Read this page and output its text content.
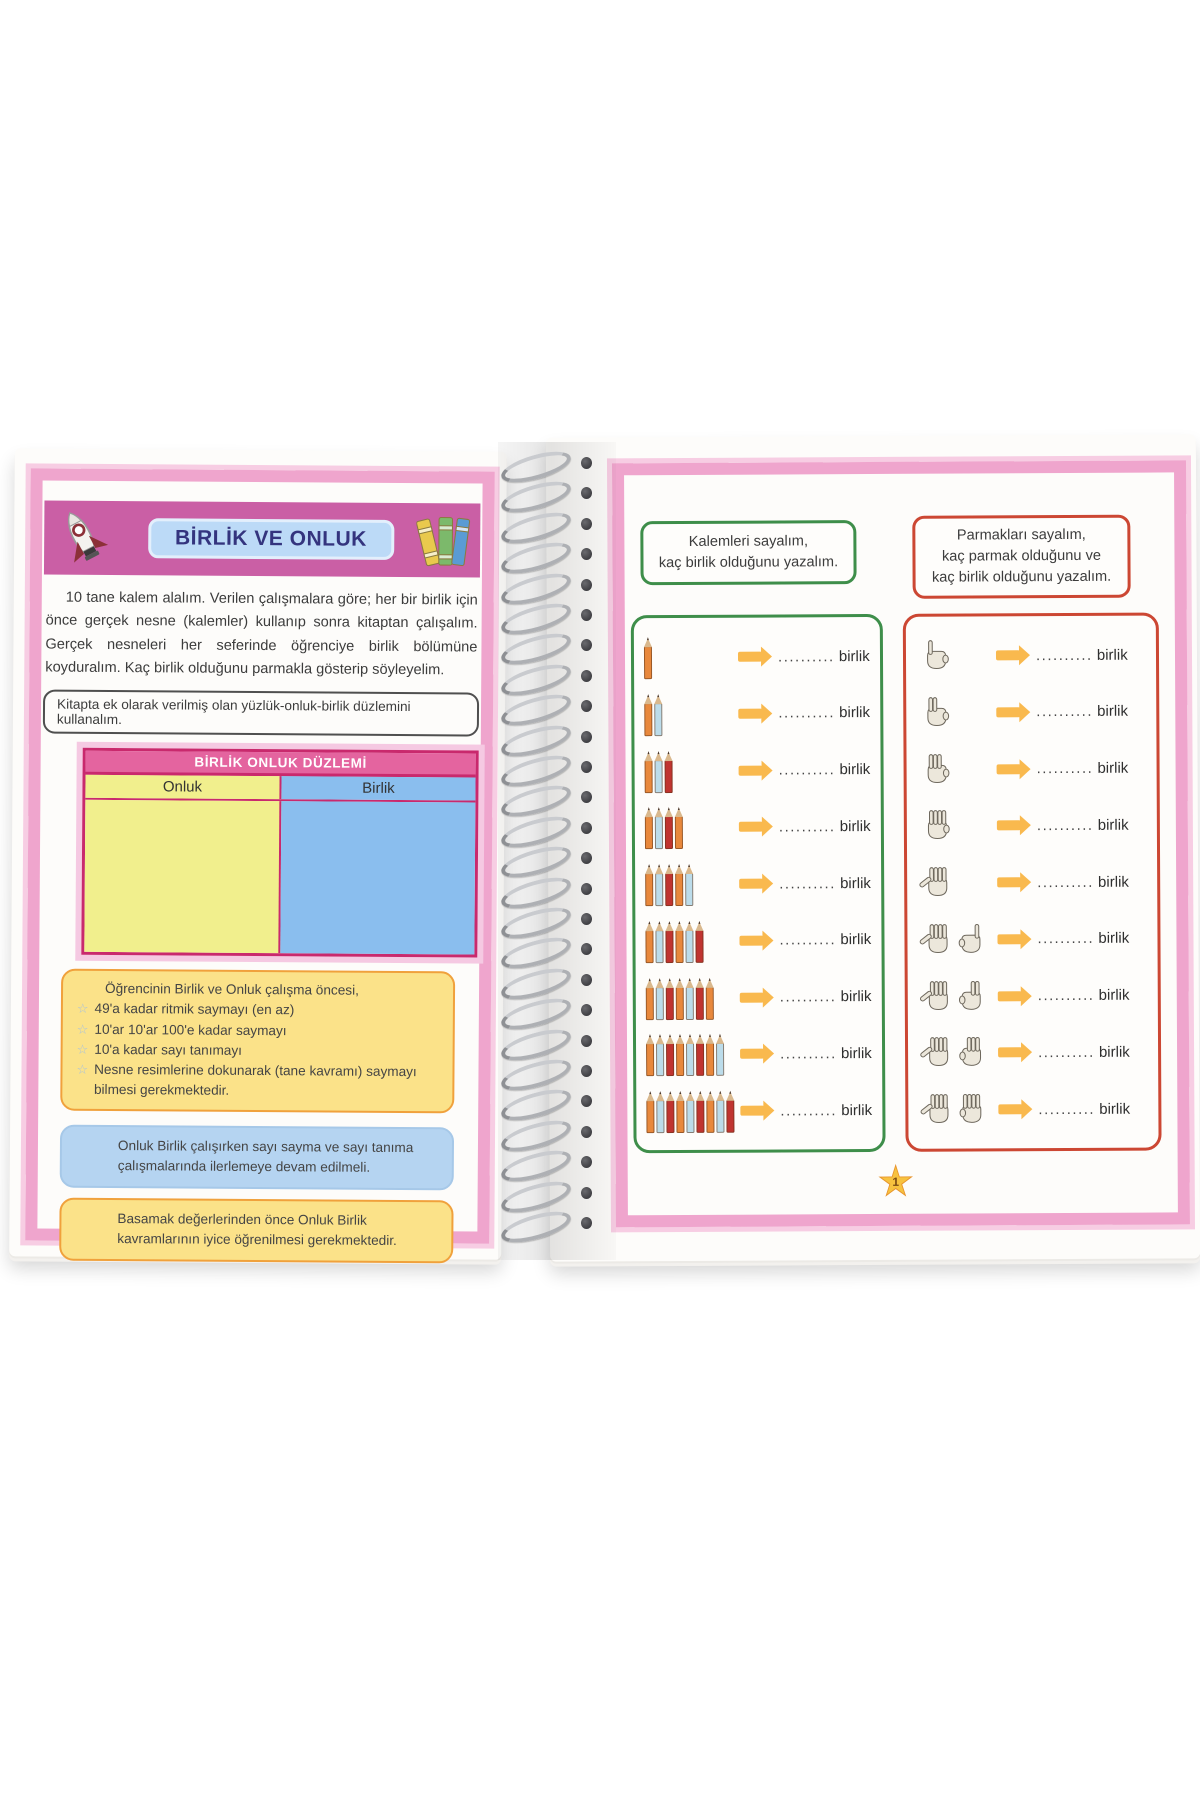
BİRLİK VE ONLUK

10 tane kalem alalım. Verilen çalışmalara göre; her bir birlik için önce gerçek nesne (kalemler) kullanıp sonra kitaptan çalışalım. Gerçek nesneleri her seferinde öğrenciye birlik bölümüne koyduralım. Kaç birlik olduğunu parmakla gösterip söyleyelim.

Kitapta ek olarak verilmiş olan yüzlük-onluk-birlik düzlemini kullanalım.
BİRLİK ONLUK DÜZLEMİ
Onluk	Birlik
Öğrencinin Birlik ve Onluk çalışma öncesi,
☆ 49'a kadar ritmik saymayı (en az)
☆ 10'ar 10'ar 100'e kadar saymayı
☆ 10'a kadar sayı tanımayı
☆ Nesne resimlerine dokunarak (tane kavramı) saymayı bilmesi gerekmektedir.
Onluk Birlik çalışırken sayı sayma ve sayı tanıma çalışmalarında ilerlemeye devam edilmeli.
Basamak değerlerinden önce Onluk Birlik kavramlarının iyice öğrenilmesi gerekmektedir.
Kalemleri sayalım,
kaç birlik olduğunu yazalım.
Parmakları sayalım,
kaç parmak olduğunu ve
kaç birlik olduğunu yazalım.
.......... birlik
.......... birlik
.......... birlik
.......... birlik
.......... birlik
.......... birlik
.......... birlik
.......... birlik
.......... birlik
.......... birlik
.......... birlik
.......... birlik
.......... birlik
.......... birlik
.......... birlik
.......... birlik
.......... birlik
.......... birlik
1
